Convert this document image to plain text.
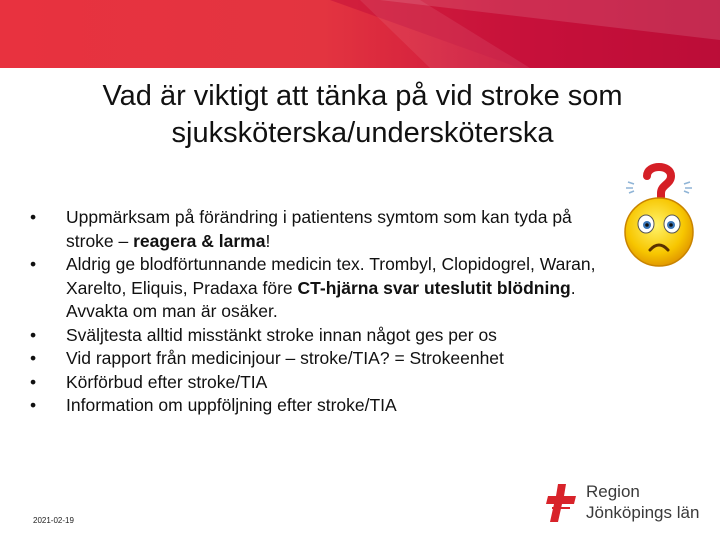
Vad är viktigt att tänka på vid stroke som
sjuksköterska/undersköterska
•	Uppmärksam på förändring i patientens symtom som kan tyda på stroke – reagera & larma!
•	Aldrig ge blodförtunnande medicin tex. Trombyl, Clopidogrel, Waran, Xarelto, Eliquis, Pradaxa före CT-hjärna svar uteslutit blödning. Avvakta om man är osäker.
•	Sväljtesta alltid misstänkt stroke innan något ges per os
•	Vid rapport från medicinjour – stroke/TIA? = Strokeenhet
•	Körförbud efter stroke/TIA
•	Information om uppföljning efter stroke/TIA
2021-02-19
Region
Jönköpings län
